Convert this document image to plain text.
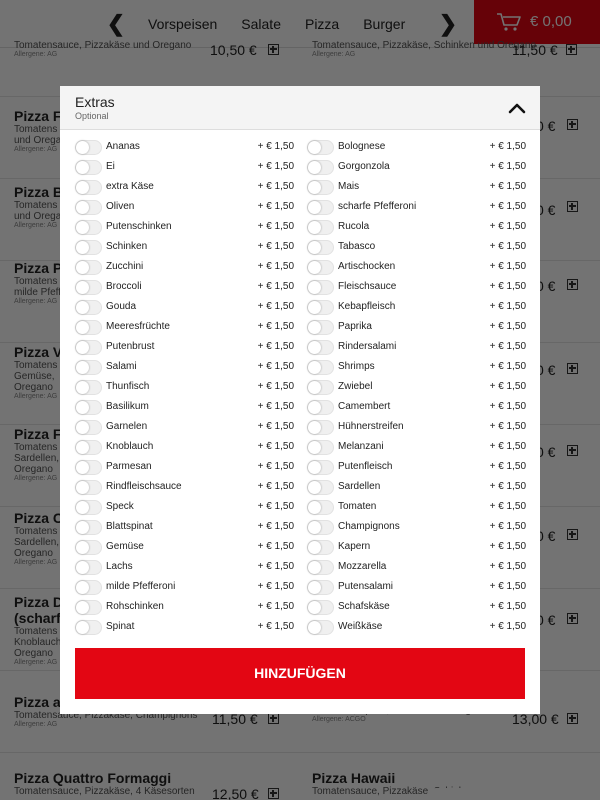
Extras
Optional
Ananas	+ € 1,50
Ei	+ € 1,50
extra Käse	+ € 1,50
Oliven	+ € 1,50
Putenschinken	+ € 1,50
Schinken	+ € 1,50
Zucchini	+ € 1,50
Broccoli	+ € 1,50
Gouda	+ € 1,50
Meeresfrüchte	+ € 1,50
Putenbrust	+ € 1,50
Salami	+ € 1,50
Thunfisch	+ € 1,50
Basilikum	+ € 1,50
Garnelen	+ € 1,50
Knoblauch	+ € 1,50
Parmesan	+ € 1,50
Rindfleischsauce	+ € 1,50
Speck	+ € 1,50
Blattspinat	+ € 1,50
Gemüse	+ € 1,50
Lachs	+ € 1,50
milde Pfefferoni	+ € 1,50
Rohschinken	+ € 1,50
Spinat	+ € 1,50
Bolognese	+ € 1,50
Gorgonzola	+ € 1,50
Mais	+ € 1,50
scharfe Pfefferoni	+ € 1,50
Rucola	+ € 1,50
Tabasco	+ € 1,50
Artischocken	+ € 1,50
Fleischsauce	+ € 1,50
Kebapfleisch	+ € 1,50
Paprika	+ € 1,50
Rindersalami	+ € 1,50
Shrimps	+ € 1,50
Zwiebel	+ € 1,50
Camembert	+ € 1,50
Hühnerstreifen	+ € 1,50
Melanzani	+ € 1,50
Putenfleisch	+ € 1,50
Sardellen	+ € 1,50
Tomaten	+ € 1,50
Champignons	+ € 1,50
Kapern	+ € 1,50
Mozzarella	+ € 1,50
Putensalami	+ € 1,50
Schafskäse	+ € 1,50
Weißkäse	+ € 1,50
HINZUFÜGEN
